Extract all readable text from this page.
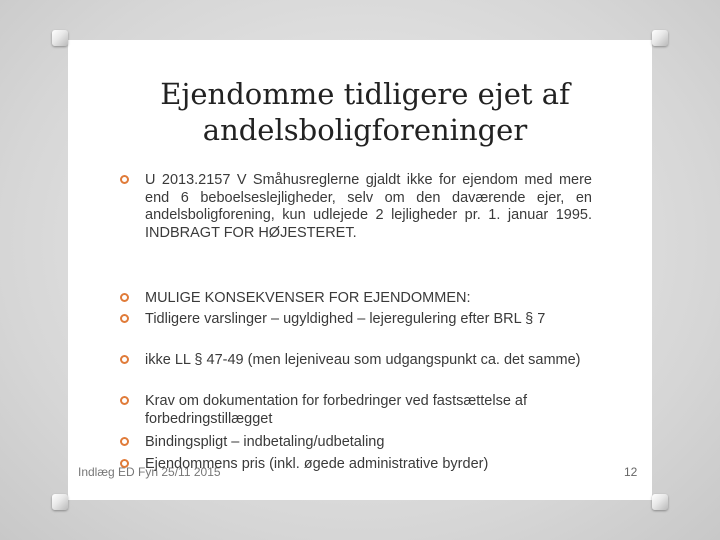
Ejendomme tidligere ejet af andelsboligforeninger
U 2013.2157 V Småhusreglerne gjaldt ikke for ejendom med mere end 6 beboelseslejligheder, selv om den daværende ejer, en andelsboligforening, kun udlejede 2 lejligheder pr. 1. januar 1995. INDBRAGT FOR HØJESTERET.
MULIGE KONSEKVENSER FOR EJENDOMMEN:
Tidligere varslinger – ugyldighed – lejeregulering efter BRL § 7
ikke LL § 47-49 (men lejeniveau som udgangspunkt ca. det samme)
Krav om dokumentation for forbedringer ved fastsættelse af forbedringstillægget
Bindingspligt – indbetaling/udbetaling
Indlæg ED Fyn 25/11 2015
Ejendommens pris (inkl. øgede administrative byrder)	12
